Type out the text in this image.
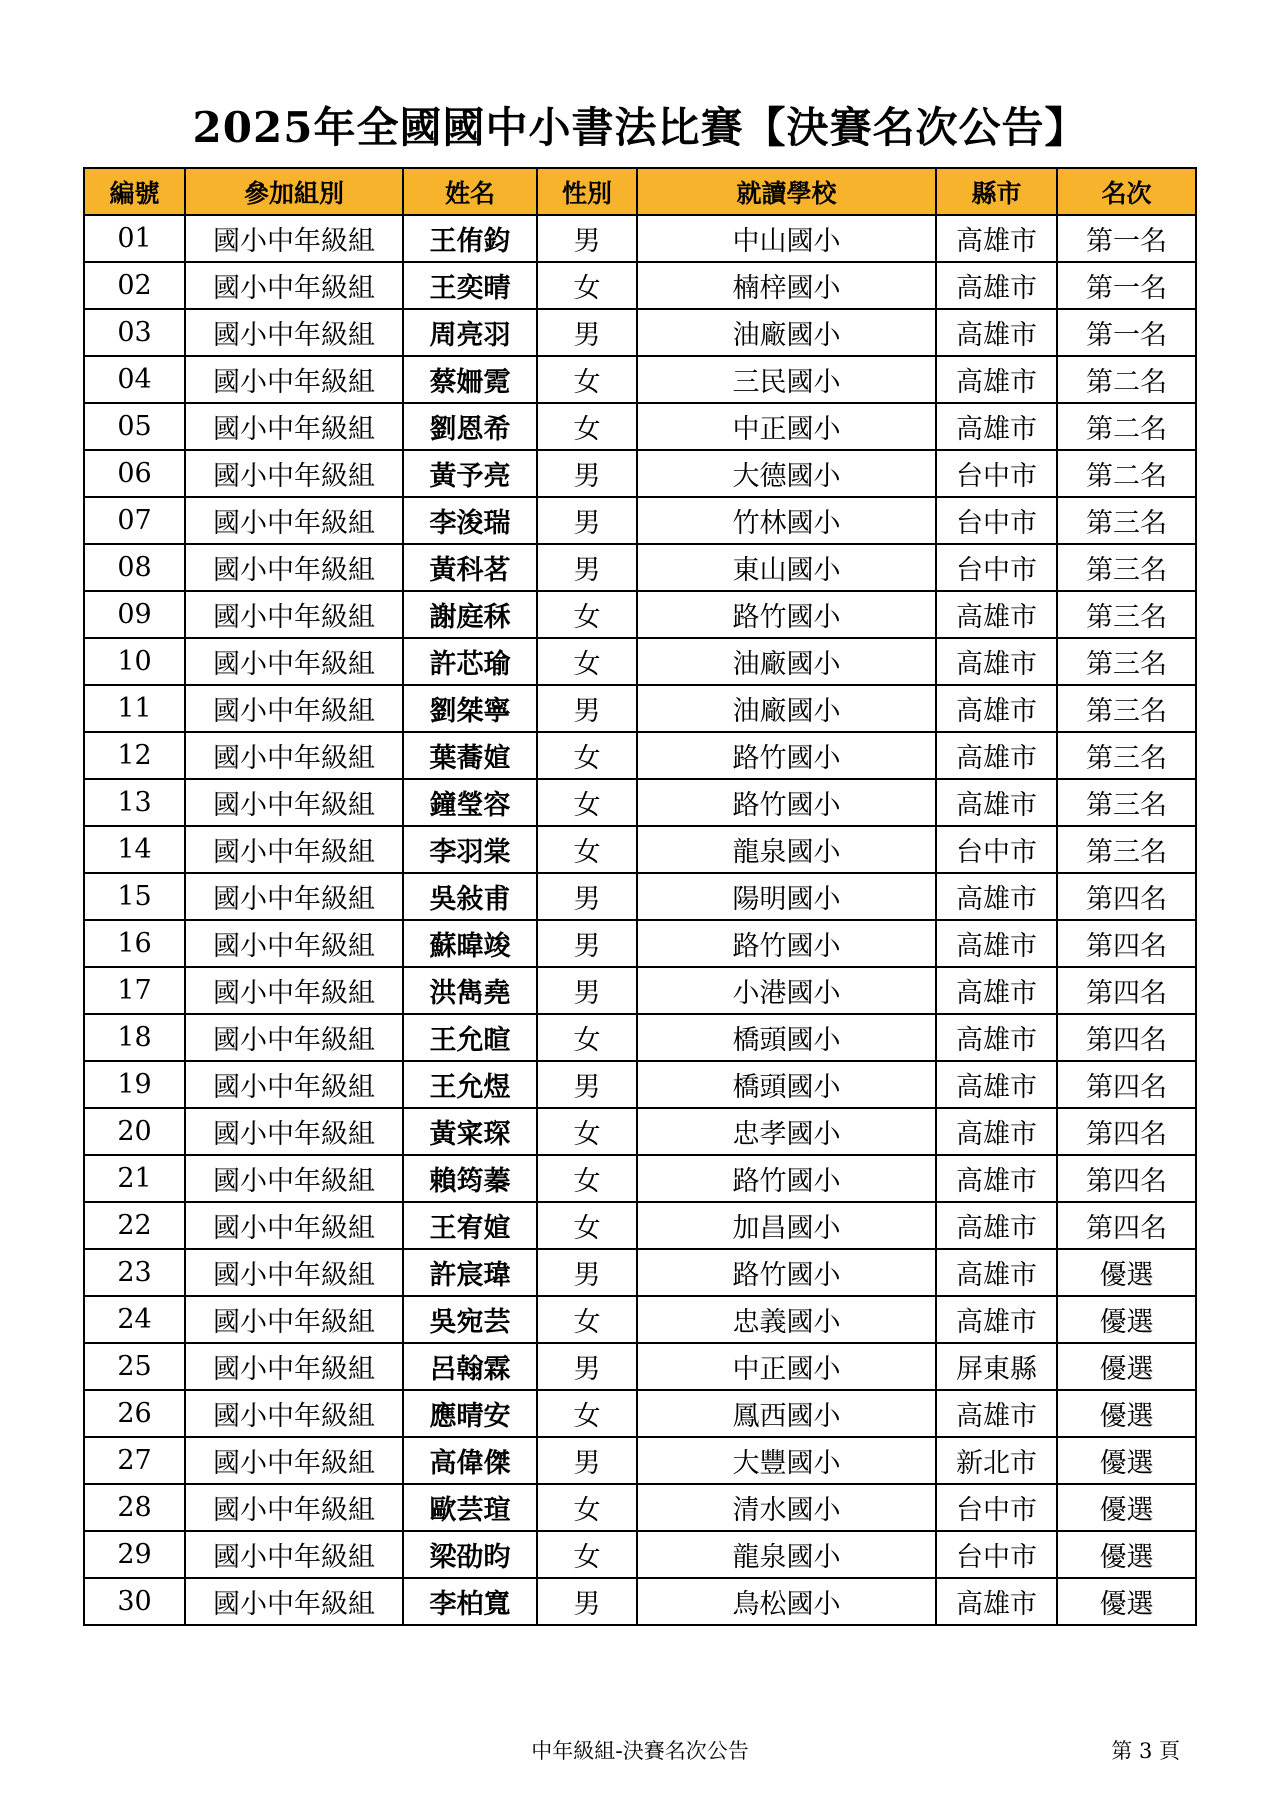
2025年全國國中小書法比賽【決賽名次公告】
編號	參加組別	姓名	性別	就讀學校	縣市	名次
01	國小中年級組	王侑鈞	男	中山國小	高雄市	第一名
02	國小中年級組	王奕晴	女	楠梓國小	高雄市	第一名
03	國小中年級組	周亮羽	男	油廠國小	高雄市	第一名
04	國小中年級組	蔡姍霓	女	三民國小	高雄市	第二名
05	國小中年級組	劉恩希	女	中正國小	高雄市	第二名
06	國小中年級組	黃予亮	男	大德國小	台中市	第二名
07	國小中年級組	李浚瑞	男	竹林國小	台中市	第三名
08	國小中年級組	黃科茗	男	東山國小	台中市	第三名
09	國小中年級組	謝庭秝	女	路竹國小	高雄市	第三名
10	國小中年級組	許芯瑜	女	油廠國小	高雄市	第三名
11	國小中年級組	劉桀寧	男	油廠國小	高雄市	第三名
12	國小中年級組	葉蕎媗	女	路竹國小	高雄市	第三名
13	國小中年級組	鐘瑩容	女	路竹國小	高雄市	第三名
14	國小中年級組	李羽棠	女	龍泉國小	台中市	第三名
15	國小中年級組	吳敍甫	男	陽明國小	高雄市	第四名
16	國小中年級組	蘇暐竣	男	路竹國小	高雄市	第四名
17	國小中年級組	洪雋堯	男	小港國小	高雄市	第四名
18	國小中年級組	王允暄	女	橋頭國小	高雄市	第四名
19	國小中年級組	王允煜	男	橋頭國小	高雄市	第四名
20	國小中年級組	黃寀琛	女	忠孝國小	高雄市	第四名
21	國小中年級組	賴筠蓁	女	路竹國小	高雄市	第四名
22	國小中年級組	王宥媗	女	加昌國小	高雄市	第四名
23	國小中年級組	許宸瑋	男	路竹國小	高雄市	優選
24	國小中年級組	吳宛芸	女	忠義國小	高雄市	優選
25	國小中年級組	呂翰霖	男	中正國小	屏東縣	優選
26	國小中年級組	應晴安	女	鳳西國小	高雄市	優選
27	國小中年級組	高偉傑	男	大豐國小	新北市	優選
28	國小中年級組	歐芸瑄	女	清水國小	台中市	優選
29	國小中年級組	梁劭昀	女	龍泉國小	台中市	優選
30	國小中年級組	李柏寬	男	鳥松國小	高雄市	優選
中年級組-決賽名次公告	第 3 頁
